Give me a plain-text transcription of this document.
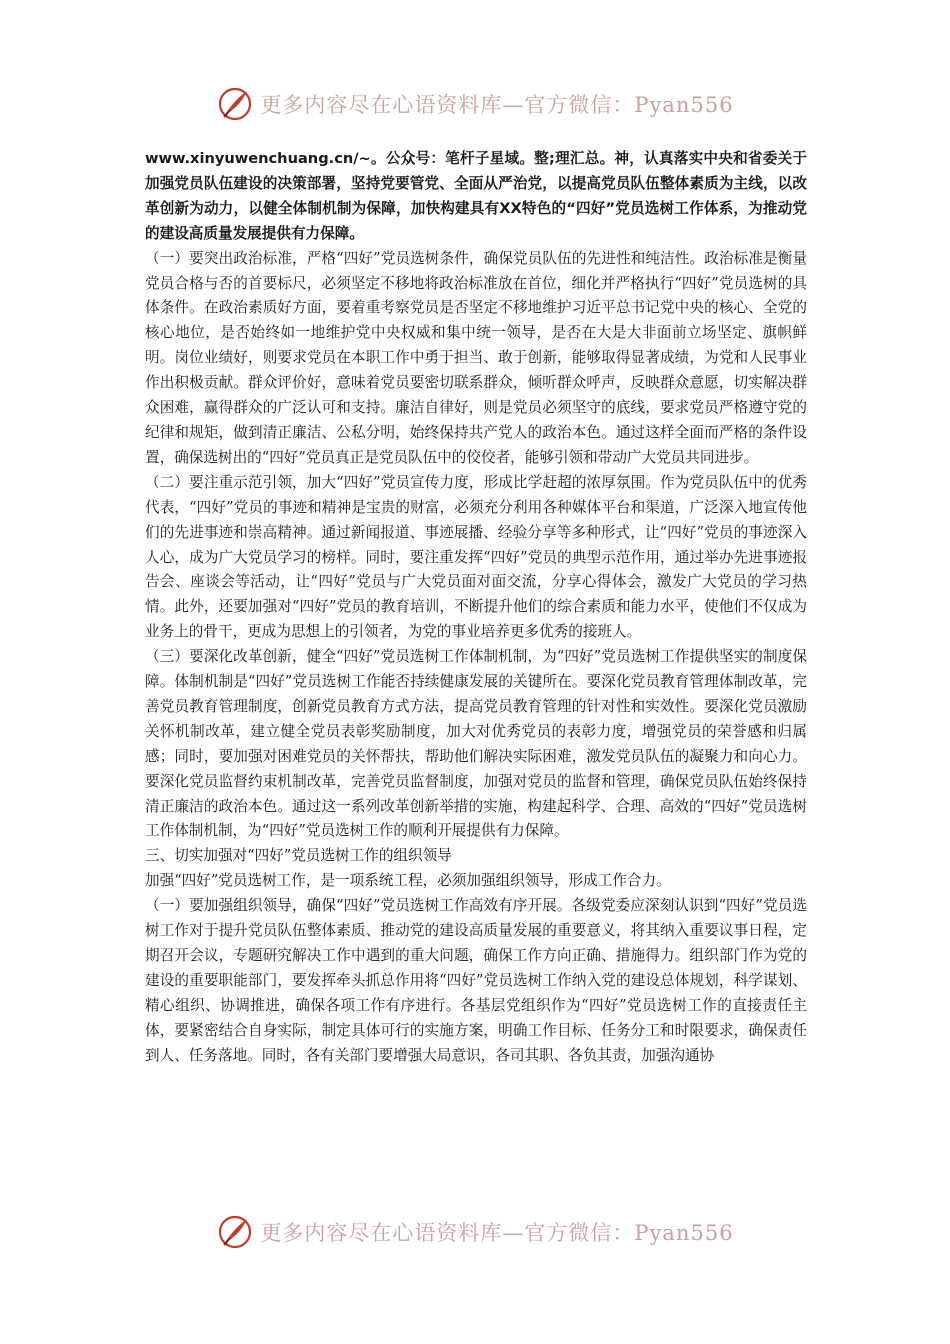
更多内容尽在心语资料库—官方微信：Pyan556

www.xinyuwenchuang.cn/~。公众号：笔杆子星域。整;理汇总。神，认真落实中央和省委关于加强党员队伍建设的决策部署，坚持党要管党、全面从严治党，以提高党员队伍整体素质为主线，以改革创新为动力，以健全体制机制为保障，加快构建具有XX特色的“四好”党员选树工作体系，为推动党的建设高质量发展提供有力保障。

（一）要突出政治标准，严格“四好”党员选树条件，确保党员队伍的先进性和纯洁性。政治标准是衡量党员合格与否的首要标尺，必须坚定不移地将政治标准放在首位，细化并严格执行“四好”党员选树的具体条件。在政治素质好方面，要着重考察党员是否坚定不移地维护习近平总书记党中央的核心、全党的核心地位，是否始终如一地维护党中央权威和集中统一领导，是否在大是大非面前立场坚定、旗帜鲜明。岗位业绩好，则要求党员在本职工作中勇于担当、敢于创新，能够取得显著成绩，为党和人民事业作出积极贡献。群众评价好，意味着党员要密切联系群众，倾听群众呼声，反映群众意愿，切实解决群众困难，赢得群众的广泛认可和支持。廉洁自律好，则是党员必须坚守的底线，要求党员严格遵守党的纪律和规矩，做到清正廉洁、公私分明，始终保持共产党人的政治本色。通过这样全面而严格的条件设置，确保选树出的“四好”党员真正是党员队伍中的佼佼者，能够引领和带动广大党员共同进步。

（二）要注重示范引领，加大“四好”党员宣传力度，形成比学赶超的浓厚氛围。作为党员队伍中的优秀代表，“四好”党员的事迹和精神是宝贵的财富，必须充分利用各种媒体平台和渠道，广泛深入地宣传他们的先进事迹和崇高精神。通过新闻报道、事迹展播、经验分享等多种形式，让“四好”党员的事迹深入人心，成为广大党员学习的榜样。同时，要注重发挥“四好”党员的典型示范作用，通过举办先进事迹报告会、座谈会等活动，让“四好”党员与广大党员面对面交流，分享心得体会，激发广大党员的学习热情。此外，还要加强对“四好”党员的教育培训，不断提升他们的综合素质和能力水平，使他们不仅成为业务上的骨干，更成为思想上的引领者，为党的事业培养更多优秀的接班人。

（三）要深化改革创新，健全“四好”党员选树工作体制机制，为“四好”党员选树工作提供坚实的制度保障。体制机制是“四好”党员选树工作能否持续健康发展的关键所在。要深化党员教育管理体制改革，完善党员教育管理制度，创新党员教育方式方法，提高党员教育管理的针对性和实效性。要深化党员激励关怀机制改革，建立健全党员表彰奖励制度，加大对优秀党员的表彰力度，增强党员的荣誉感和归属感；同时，要加强对困难党员的关怀帮扶，帮助他们解决实际困难，激发党员队伍的凝聚力和向心力。要深化党员监督约束机制改革，完善党员监督制度，加强对党员的监督和管理，确保党员队伍始终保持清正廉洁的政治本色。通过这一系列改革创新举措的实施，构建起科学、合理、高效的“四好”党员选树工作体制机制，为“四好”党员选树工作的顺利开展提供有力保障。

三、切实加强对“四好”党员选树工作的组织领导

加强“四好”党员选树工作，是一项系统工程，必须加强组织领导，形成工作合力。

（一）要加强组织领导，确保“四好”党员选树工作高效有序开展。各级党委应深刻认识到“四好”党员选树工作对于提升党员队伍整体素质、推动党的建设高质量发展的重要意义，将其纳入重要议事日程，定期召开会议，专题研究解决工作中遇到的重大问题，确保工作方向正确、措施得力。组织部门作为党的建设的重要职能部门，要发挥牵头抓总作用将“四好”党员选树工作纳入党的建设总体规划，科学谋划、精心组织、协调推进，确保各项工作有序进行。各基层党组织作为“四好”党员选树工作的直接责任主体，要紧密结合自身实际，制定具体可行的实施方案，明确工作目标、任务分工和时限要求，确保责任到人、任务落地。同时，各有关部门要增强大局意识，各司其职、各负其责，加强沟通协

更多内容尽在心语资料库—官方微信：Pyan556
